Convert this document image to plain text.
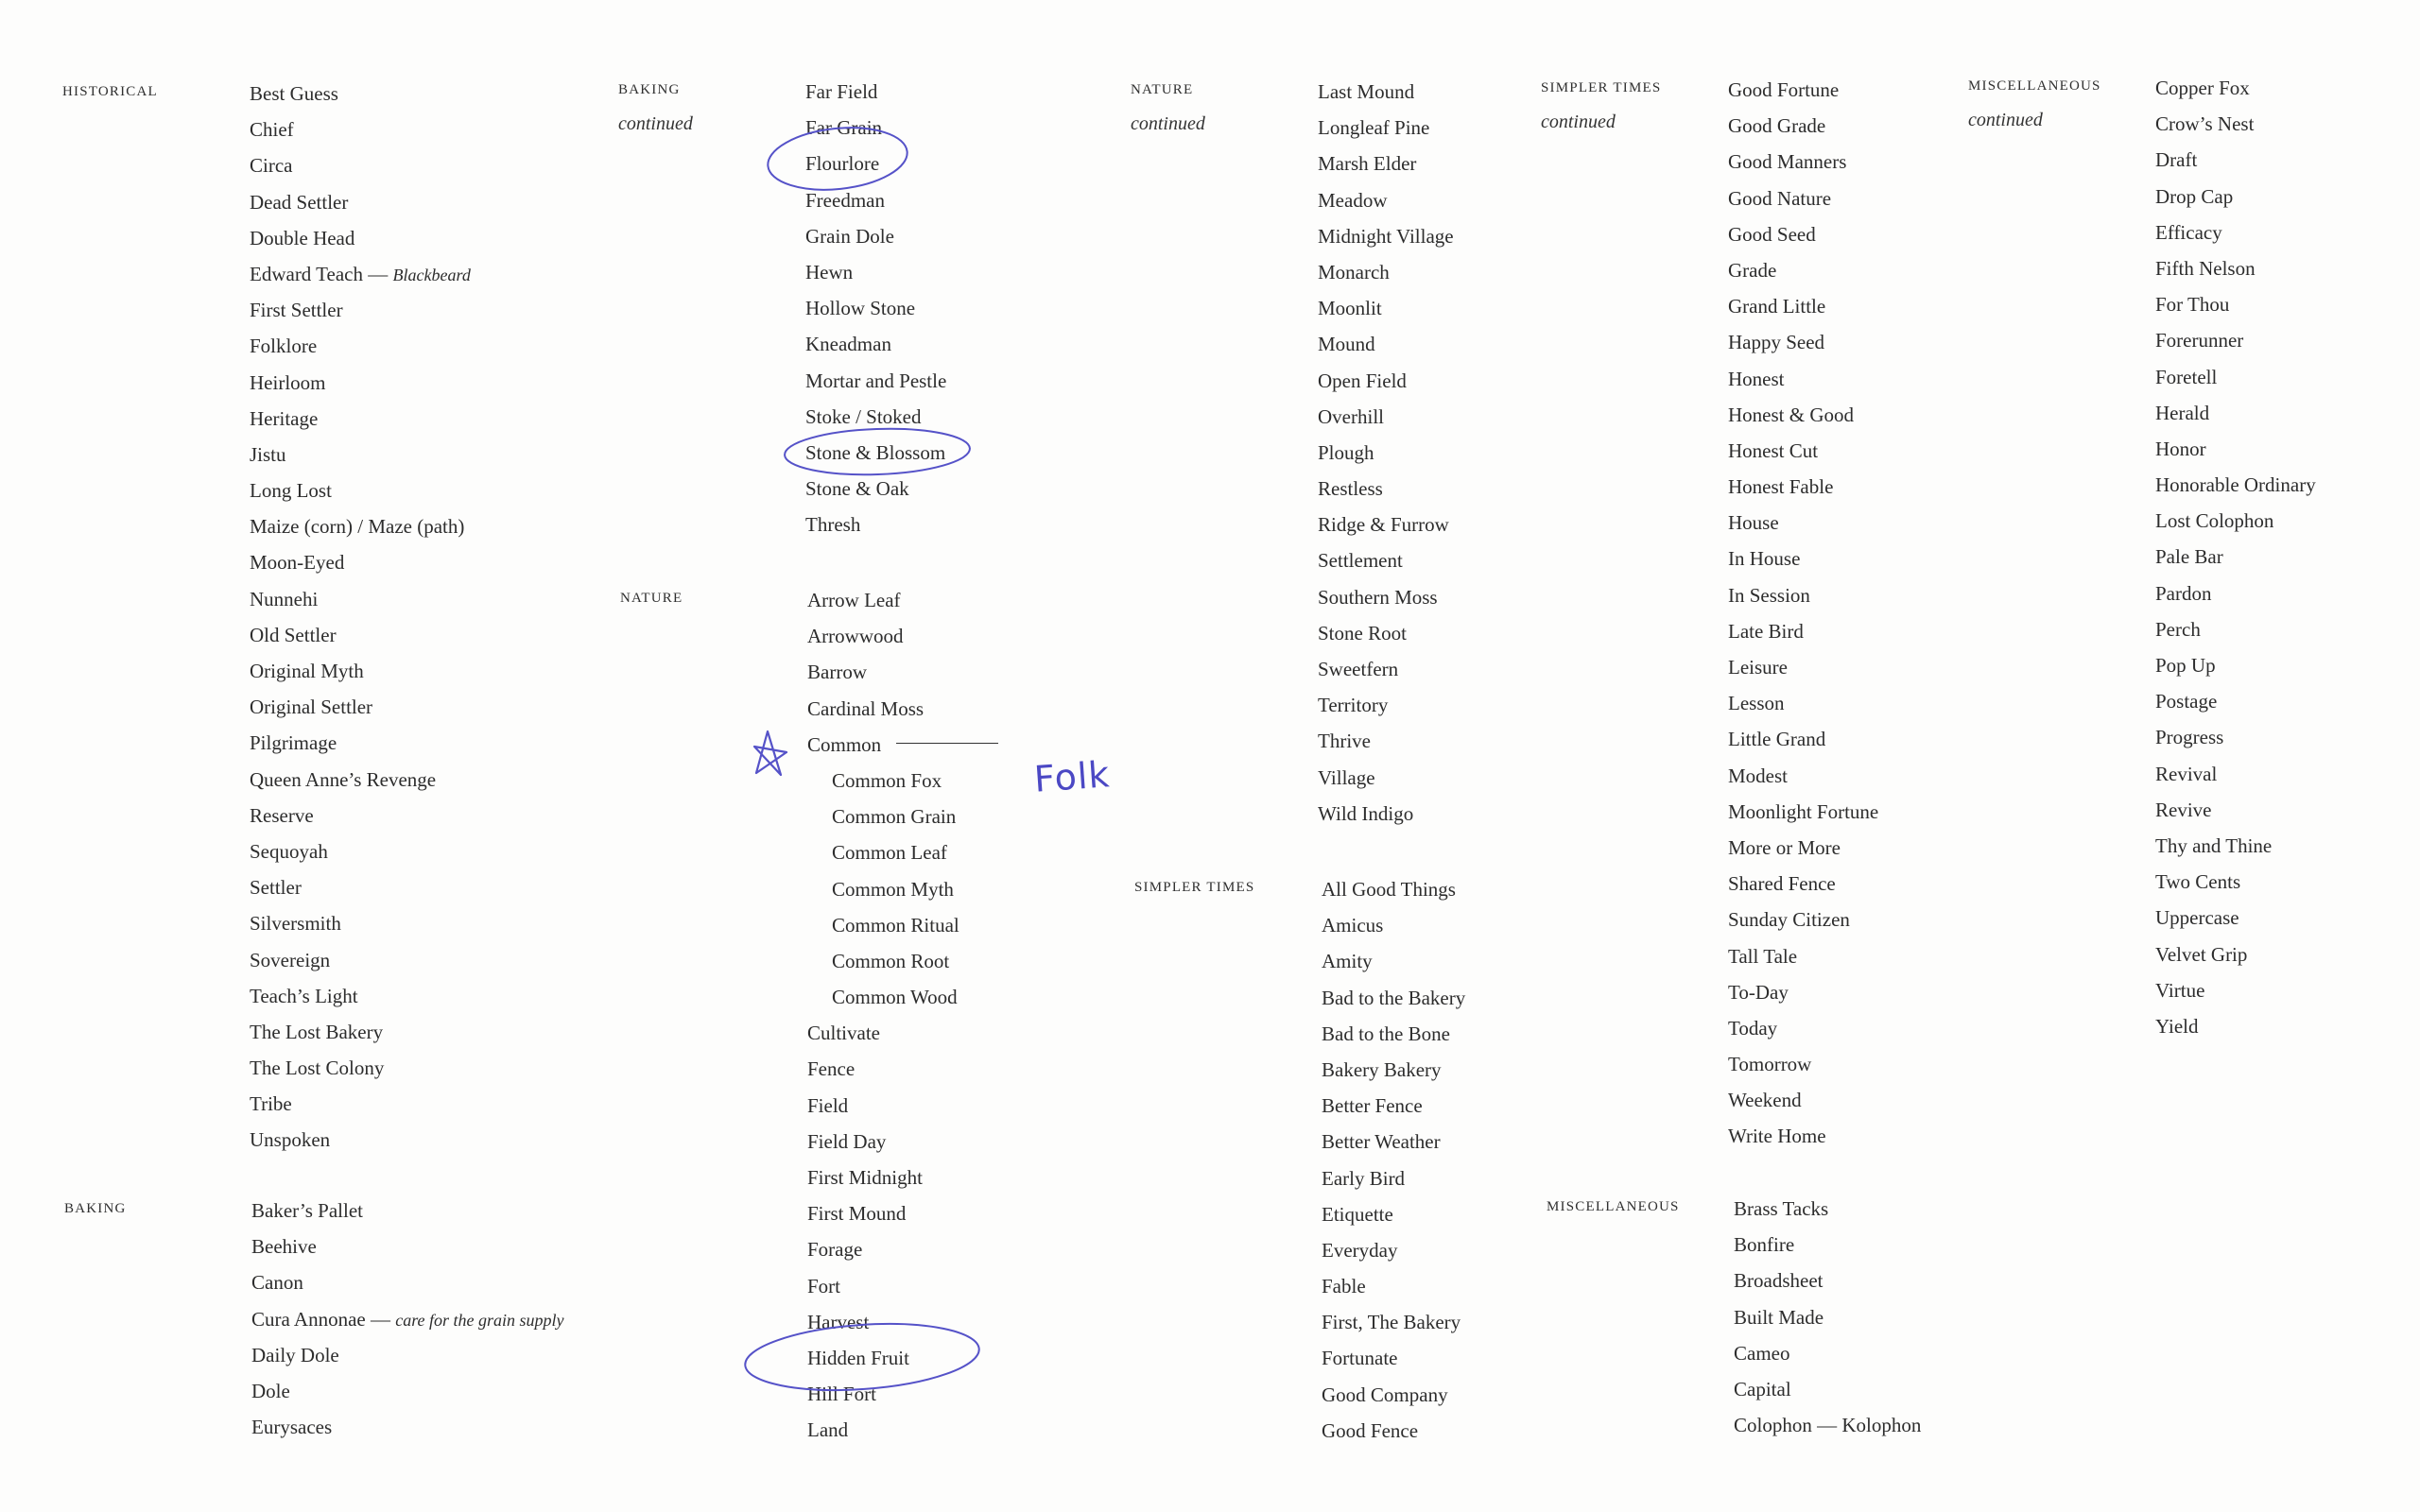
HISTORICAL	Best Guess
Chief
Circa
Dead Settler
Double Head
Edward Teach — Blackbeard
First Settler
Folklore
Heirloom
Heritage
Jistu
Long Lost
Maize (corn) / Maze (path)
Moon-Eyed
Nunnehi
Old Settler
Original Myth
Original Settler
Pilgrimage
Queen Anne’s Revenge
Reserve
Sequoyah
Settler
Silversmith
Sovereign
Teach’s Light
The Lost Bakery
The Lost Colony
Tribe
Unspoken
BAKING	Baker’s Pallet
Beehive
Canon
Cura Annonae — care for the grain supply
Daily Dole
Dole
Eurysaces
BAKING
continued
Far Field
Far Grain
Flourlore
Freedman
Grain Dole
Hewn
Hollow Stone
Kneadman
Mortar and Pestle
Stoke / Stoked
Stone & Blossom
Stone & Oak
Thresh
NATURE	Arrow Leaf
Arrowwood
Barrow
Cardinal Moss
Common
Common Fox
Common Grain
Common Leaf
Common Myth
Common Ritual
Common Root
Common Wood
Cultivate
Fence
Field
Field Day
First Midnight
First Mound
Forage
Fort
Harvest
Hidden Fruit
Hill Fort
Land
NATURE
continued
Last Mound
Longleaf Pine
Marsh Elder
Meadow
Midnight Village
Monarch
Moonlit
Mound
Open Field
Overhill
Plough
Restless
Ridge & Furrow
Settlement
Southern Moss
Stone Root
Sweetfern
Territory
Thrive
Village
Wild Indigo
SIMPLER TIMES	All Good Things
Amicus
Amity
Bad to the Bakery
Bad to the Bone
Bakery Bakery
Better Fence
Better Weather
Early Bird
Etiquette
Everyday
Fable
First, The Bakery
Fortunate
Good Company
Good Fence
SIMPLER TIMES
continued
Good Fortune
Good Grade
Good Manners
Good Nature
Good Seed
Grade
Grand Little
Happy Seed
Honest
Honest & Good
Honest Cut
Honest Fable
House
In House
In Session
Late Bird
Leisure
Lesson
Little Grand
Modest
Moonlight Fortune
More or More
Shared Fence
Sunday Citizen
Tall Tale
To-Day
Today
Tomorrow
Weekend
Write Home
MISCELLANEOUS	Brass Tacks
Bonfire
Broadsheet
Built Made
Cameo
Capital
Colophon — Kolophon
MISCELLANEOUS
continued
Copper Fox
Crow’s Nest
Draft
Drop Cap
Efficacy
Fifth Nelson
For Thou
Forerunner
Foretell
Herald
Honor
Honorable Ordinary
Lost Colophon
Pale Bar
Pardon
Perch
Pop Up
Postage
Progress
Revival
Revive
Thy and Thine
Two Cents
Uppercase
Velvet Grip
Virtue
Yield
Folk
